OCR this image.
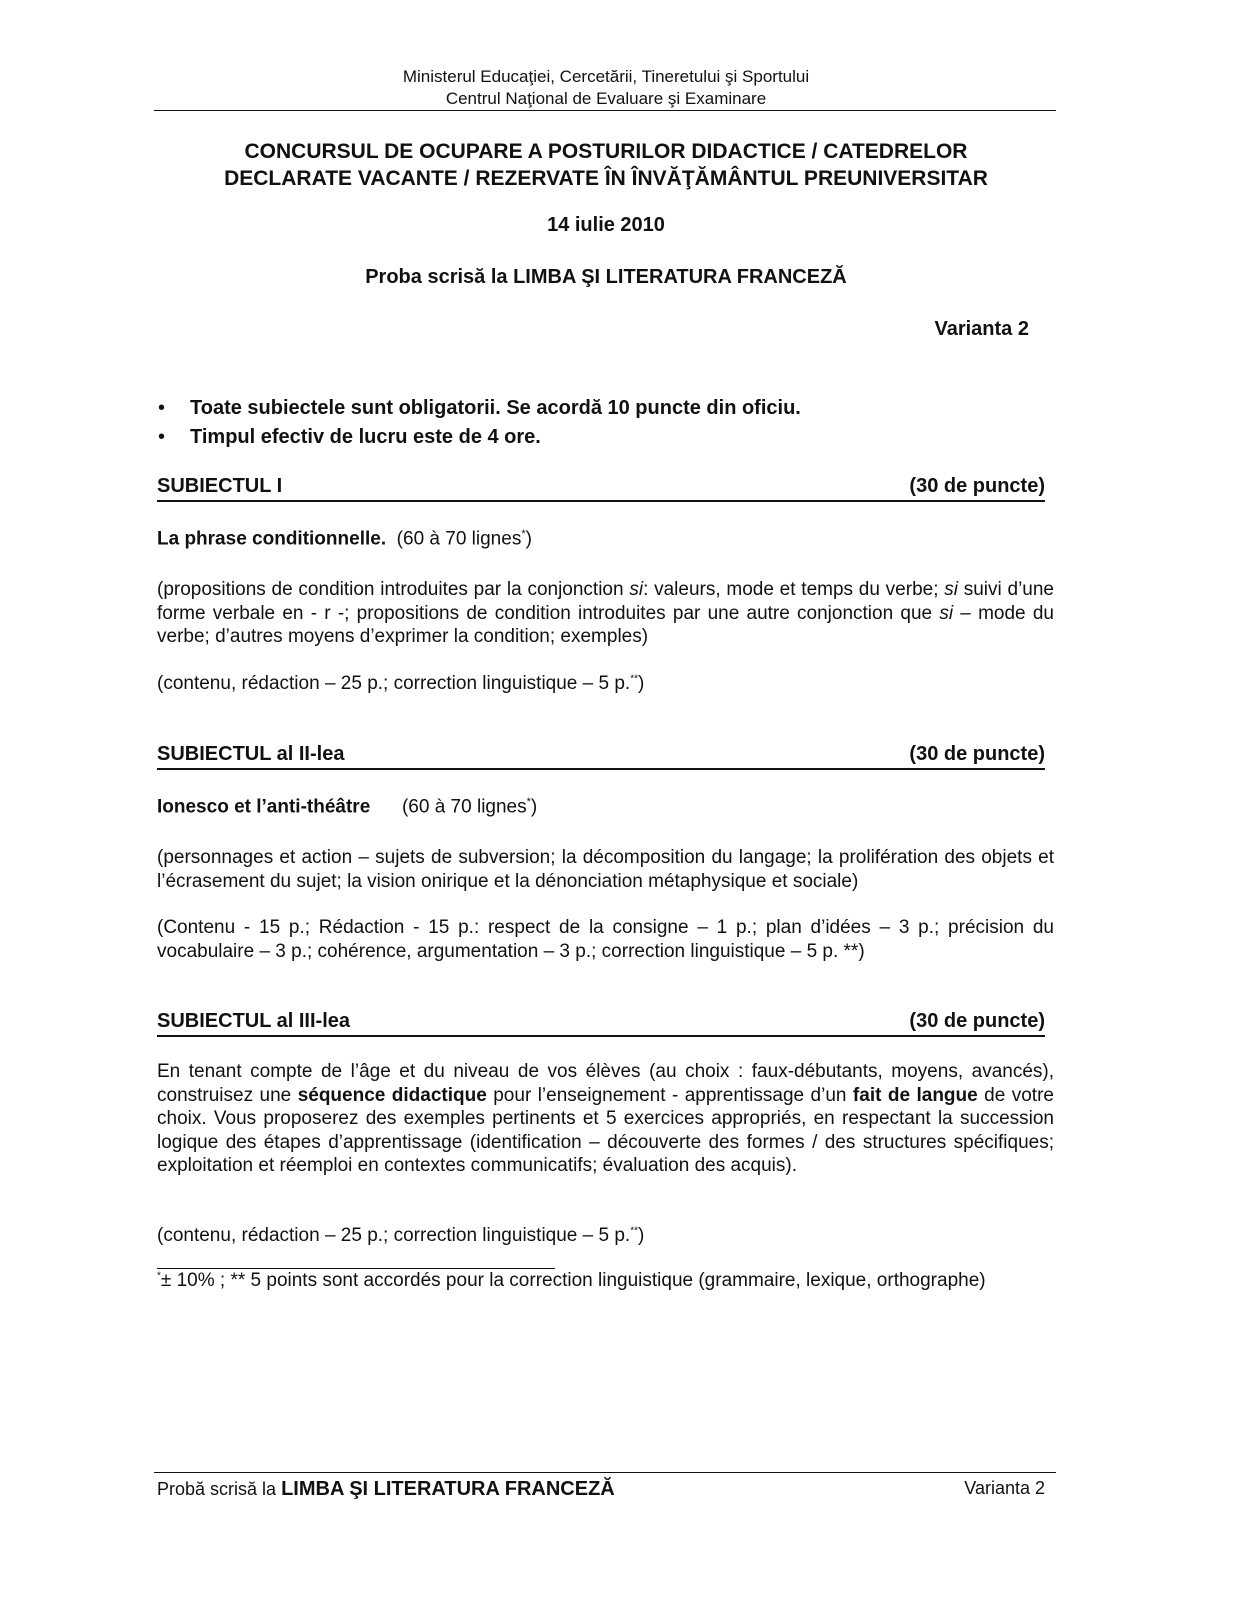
Ministerul Educaţiei, Cercetării, Tineretului şi Sportului
Centrul Naţional de Evaluare şi Examinare
CONCURSUL DE OCUPARE A POSTURILOR DIDACTICE / CATEDRELOR
DECLARATE VACANTE / REZERVATE ÎN ÎNVĂŢĂMÂNTUL PREUNIVERSITAR
14 iulie 2010
Proba scrisă la LIMBA ŞI LITERATURA FRANCEZĂ
Varianta 2
• Toate subiectele sunt obligatorii. Se acordă 10 puncte din oficiu.
• Timpul efectiv de lucru este de 4 ore.
SUBIECTUL I	(30 de puncte)
La phrase conditionnelle. (60 à 70 lignes*)

(propositions de condition introduites par la conjonction si: valeurs, mode et temps du verbe; si suivi d’une forme verbale en - r -; propositions de condition introduites par une autre conjonction que si – mode du verbe; d’autres moyens d’exprimer la condition; exemples)

(contenu, rédaction – 25 p.; correction linguistique – 5 p.**)

SUBIECTUL al II-lea	(30 de puncte)
Ionesco et l’anti-théâtre (60 à 70 lignes*)

(personnages et action – sujets de subversion; la décomposition du langage; la prolifération des objets et l’écrasement du sujet; la vision onirique et la dénonciation métaphysique et sociale)

(Contenu - 15 p.; Rédaction - 15 p.: respect de la consigne – 1 p.; plan d’idées – 3 p.; précision du vocabulaire – 3 p.; cohérence, argumentation – 3 p.; correction linguistique – 5 p. **)

SUBIECTUL al III-lea	(30 de puncte)

En tenant compte de l’âge et du niveau de vos élèves (au choix : faux-débutants, moyens, avancés), construisez une séquence didactique pour l’enseignement - apprentissage d’un fait de langue de votre choix. Vous proposerez des exemples pertinents et 5 exercices appropriés, en respectant la succession logique des étapes d’apprentissage (identification – découverte des formes / des structures spécifiques; exploitation et réemploi en contextes communicatifs; évaluation des acquis).

(contenu, rédaction – 25 p.; correction linguistique – 5 p.**)

*± 10% ; ** 5 points sont accordés pour la correction linguistique (grammaire, lexique, orthographe)
Probă scrisă la LIMBA ŞI LITERATURA FRANCEZĂ	Varianta 2
